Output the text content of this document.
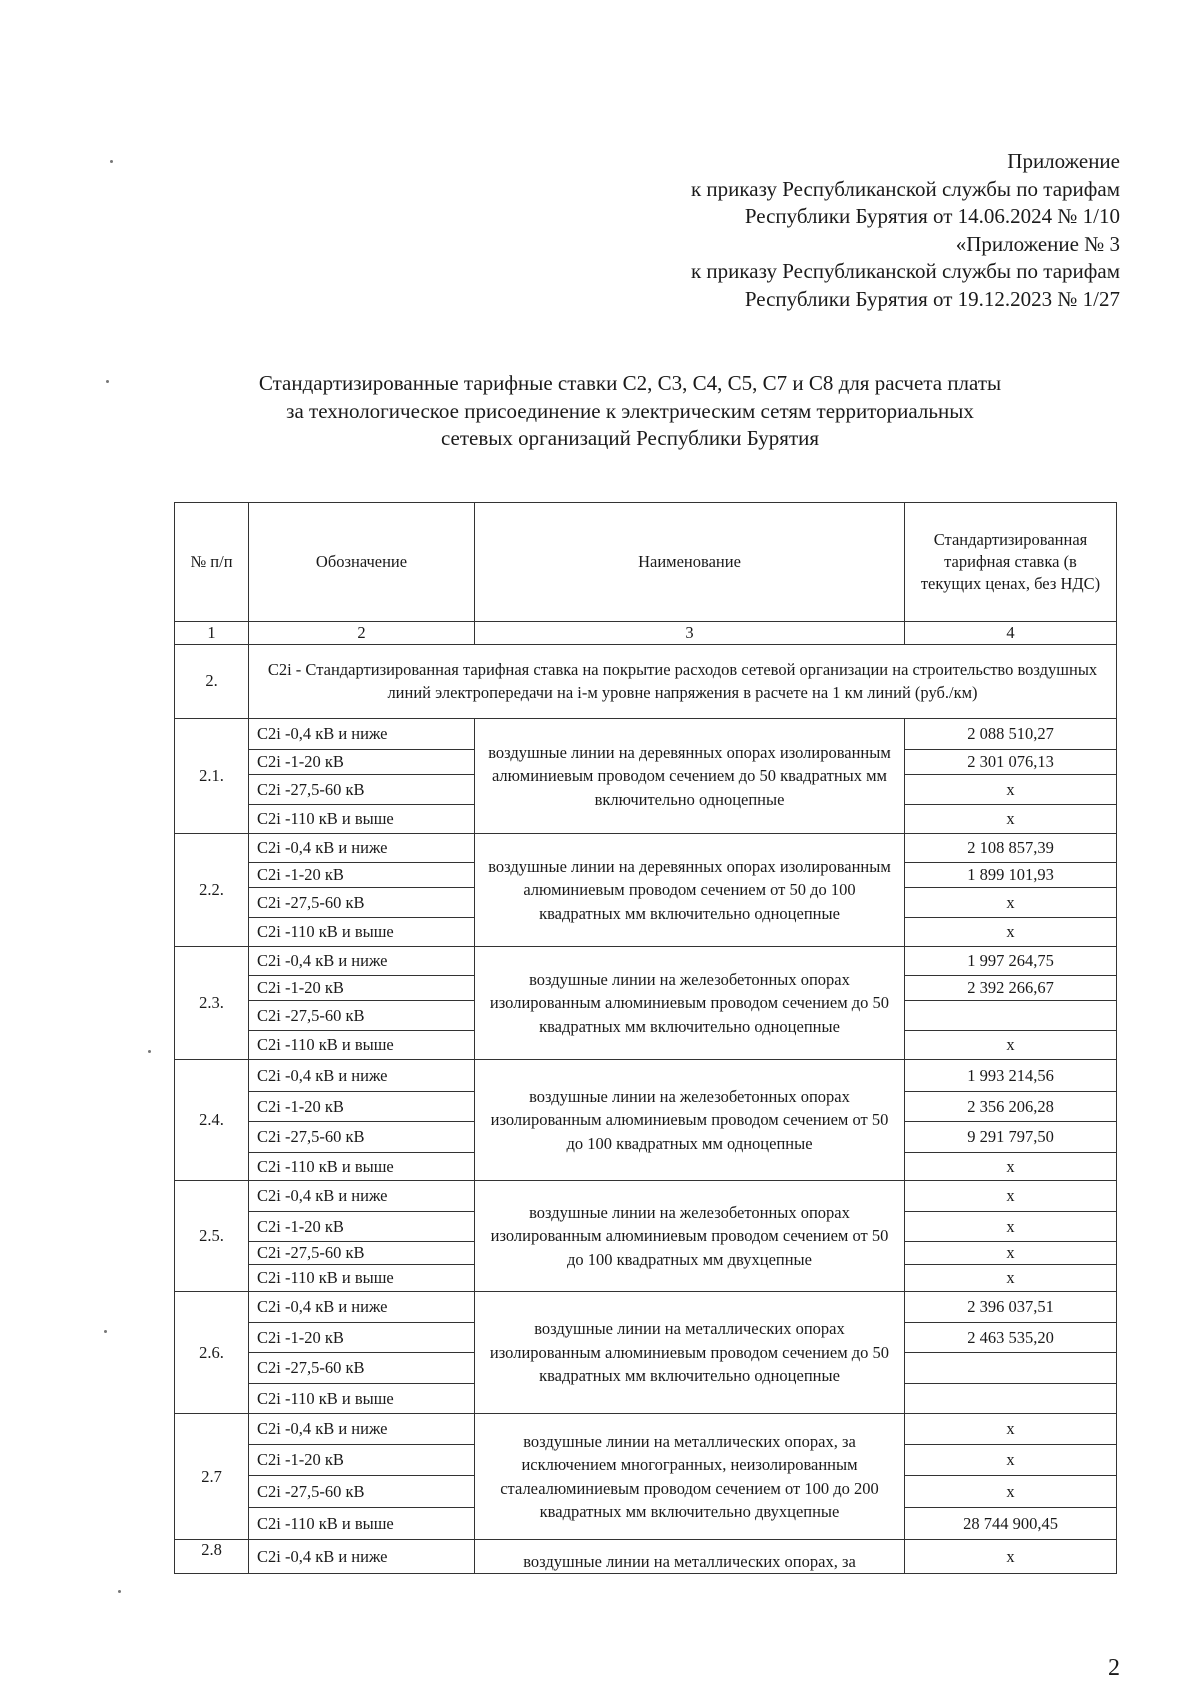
Приложение
к приказу Республиканской службы по тарифам
Республики Бурятия от 14.06.2024 № 1/10
«Приложение № 3
к приказу Республиканской службы по тарифам
Республики Бурятия от 19.12.2023 № 1/27
Стандартизированные тарифные ставки С2, С3, С4, С5, С7 и С8 для расчета платы
за технологическое присоединение к электрическим сетям территориальных
сетевых организаций Республики Бурятия
№ п/п	Обозначение	Наименование	Стандартизированная тарифная ставка (в текущих ценах, без НДС)
1	2	3	4
2.	С2i - Стандартизированная тарифная ставка на покрытие расходов сетевой организации на строительство воздушных линий электропередачи на i-м уровне напряжения в расчете на 1 км линий (руб./км)		
2.1.	С2i -0,4 кВ и ниже	воздушные линии на деревянных опорах изолированным алюминиевым проводом сечением до 50 квадратных мм включительно одноцепные	2 088 510,27
	С2i -1-20 кВ		2 301 076,13
	С2i -27,5-60 кВ		х
	С2i -110 кВ и выше		х
2.2.	С2i -0,4 кВ и ниже	воздушные линии на деревянных опорах изолированным алюминиевым проводом сечением от 50 до 100 квадратных мм включительно одноцепные	2 108 857,39
	С2i -1-20 кВ		1 899 101,93
	С2i -27,5-60 кВ		х
	С2i -110 кВ и выше		х
2.3.	С2i -0,4 кВ и ниже	воздушные линии на железобетонных опорах изолированным алюминиевым проводом сечением до 50 квадратных мм включительно одноцепные	1 997 264,75
	С2i -1-20 кВ		2 392 266,67
	С2i -27,5-60 кВ		
	С2i -110 кВ и выше		х
2.4.	С2i -0,4 кВ и ниже	воздушные линии на железобетонных опорах изолированным алюминиевым проводом сечением от 50 до 100 квадратных мм одноцепные	1 993 214,56
	С2i -1-20 кВ		2 356 206,28
	С2i -27,5-60 кВ		9 291 797,50
	С2i -110 кВ и выше		х
2.5.	С2i -0,4 кВ и ниже	воздушные линии на железобетонных опорах изолированным алюминиевым проводом сечением от 50 до 100 квадратных мм двухцепные	х
	С2i -1-20 кВ		х
	С2i -27,5-60 кВ		х
	С2i -110 кВ и выше		х
2.6.	С2i -0,4 кВ и ниже	воздушные линии на металлических опорах изолированным алюминиевым проводом сечением до 50 квадратных мм включительно одноцепные	2 396 037,51
	С2i -1-20 кВ		2 463 535,20
	С2i -27,5-60 кВ		
	С2i -110 кВ и выше		
2.7	С2i -0,4 кВ и ниже	воздушные линии на металлических опорах, за исключением многогранных, неизолированным сталеалюминиевым проводом сечением от 100 до 200 квадратных мм включительно двухцепные	х
	С2i -1-20 кВ		х
	С2i -27,5-60 кВ		х
	С2i -110 кВ и выше		28 744 900,45
2.8	С2i -0,4 кВ и ниже	воздушные линии на металлических опорах, за	х
2
